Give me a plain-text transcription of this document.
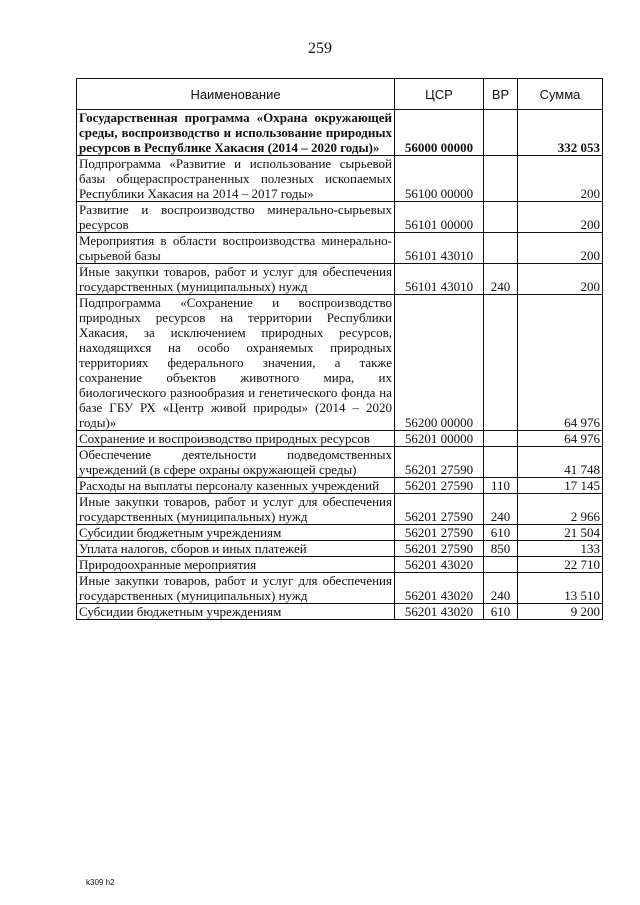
259
Наименование	ЦСР	ВР	Сумма
Государственная программа «Охрана окружающей среды, воспроизводство и использование природных ресурсов в Республике Хакасия (2014 – 2020 годы)»	56000 00000		332 053
Подпрограмма «Развитие и использование сырьевой базы общераспространенных полезных ископаемых Республики Хакасия на 2014 – 2017 годы»	56100 00000		200
Развитие и воспроизводство минерально-сырьевых ресурсов	56101 00000		200
Мероприятия в области воспроизводства минерально-сырьевой базы	56101 43010		200
Иные закупки товаров, работ и услуг для обеспечения государственных (муниципальных) нужд	56101 43010	240	200
Подпрограмма «Сохранение и воспроизводство природных ресурсов на территории Республики Хакасия, за исключением природных ресурсов, находящихся на особо охраняемых природных территориях федерального значения, а также сохранение объектов животного мира, их биологического разнообразия и генетического фонда на базе ГБУ РХ «Центр живой природы» (2014 – 2020 годы)»	56200 00000		64 976
Сохранение и воспроизводство природных ресурсов	56201 00000		64 976
Обеспечение деятельности подведомственных учреждений (в сфере охраны окружающей среды)	56201 27590		41 748
Расходы на выплаты персоналу казенных учреждений	56201 27590	110	17 145
Иные закупки товаров, работ и услуг для обеспечения государственных (муниципальных) нужд	56201 27590	240	2 966
Субсидии бюджетным учреждениям	56201 27590	610	21 504
Уплата налогов, сборов и иных платежей	56201 27590	850	133
Природоохранные мероприятия	56201 43020		22 710
Иные закупки товаров, работ и услуг для обеспечения государственных (муниципальных) нужд	56201 43020	240	13 510
Субсидии бюджетным учреждениям	56201 43020	610	9 200
k309 h2
